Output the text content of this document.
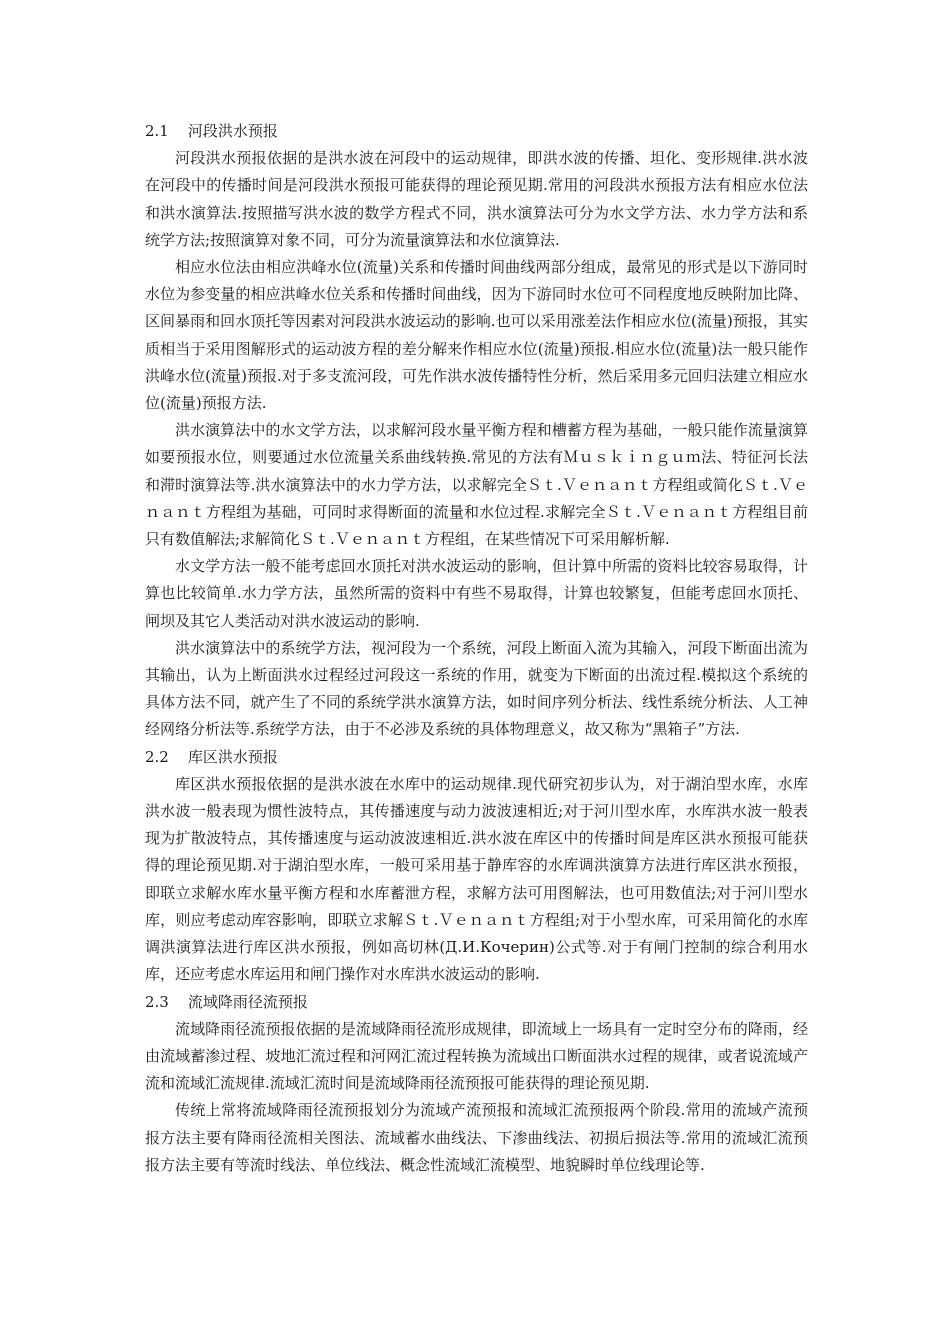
2.1    河段洪水预报

河段洪水预报依据的是洪水波在河段中的运动规律，即洪水波的传播、坦化、变形规律.洪水波在河段中的传播时间是河段洪水预报可能获得的理论预见期.常用的河段洪水预报方法有相应水位法和洪水演算法.按照描写洪水波的数学方程式不同，洪水演算法可分为水文学方法、水力学方法和系统学方法;按照演算对象不同，可分为流量演算法和水位演算法.

相应水位法由相应洪峰水位(流量)关系和传播时间曲线两部分组成，最常见的形式是以下游同时水位为参变量的相应洪峰水位关系和传播时间曲线，因为下游同时水位可不同程度地反映附加比降、区间暴雨和回水顶托等因素对河段洪水波运动的影响.也可以采用涨差法作相应水位(流量)预报，其实质相当于采用图解形式的运动波方程的差分解来作相应水位(流量)预报.相应水位(流量)法一般只能作洪峰水位(流量)预报.对于多支流河段，可先作洪水波传播特性分析，然后采用多元回归法建立相应水位(流量)预报方法.

洪水演算法中的水文学方法，以求解河段水量平衡方程和槽蓄方程为基础，一般只能作流量演算如要预报水位，则要通过水位流量关系曲线转换.常见的方法有Ｍｕｓｋｉｎｇｕｍ法、特征河长法和滞时演算法等.洪水演算法中的水力学方法，以求解完全Ｓｔ.Ｖｅｎａｎｔ方程组或简化Ｓｔ.Ｖｅｎａｎｔ方程组为基础，可同时求得断面的流量和水位过程.求解完全Ｓｔ.Ｖｅｎａｎｔ方程组目前只有数值解法;求解简化Ｓｔ.Ｖｅｎａｎｔ方程组，在某些情况下可采用解析解.

水文学方法一般不能考虑回水顶托对洪水波运动的影响，但计算中所需的资料比较容易取得，计算也比较简单.水力学方法，虽然所需的资料中有些不易取得，计算也较繁复，但能考虑回水顶托、闸坝及其它人类活动对洪水波运动的影响.

洪水演算法中的系统学方法，视河段为一个系统，河段上断面入流为其输入，河段下断面出流为其输出，认为上断面洪水过程经过河段这一系统的作用，就变为下断面的出流过程.模拟这个系统的具体方法不同，就产生了不同的系统学洪水演算方法，如时间序列分析法、线性系统分析法、人工神经网络分析法等.系统学方法，由于不必涉及系统的具体物理意义，故又称为“黑箱子”方法.

2.2    库区洪水预报

库区洪水预报依据的是洪水波在水库中的运动规律.现代研究初步认为，对于湖泊型水库，水库洪水波一般表现为惯性波特点，其传播速度与动力波波速相近;对于河川型水库，水库洪水波一般表现为扩散波特点，其传播速度与运动波波速相近.洪水波在库区中的传播时间是库区洪水预报可能获得的理论预见期.对于湖泊型水库，一般可采用基于静库容的水库调洪演算方法进行库区洪水预报，即联立求解水库水量平衡方程和水库蓄泄方程，求解方法可用图解法，也可用数值法;对于河川型水库，则应考虑动库容影响，即联立求解Ｓｔ.Ｖｅｎａｎｔ方程组;对于小型水库，可采用简化的水库调洪演算法进行库区洪水预报，例如高切林(Д.И.Кочерин)公式等.对于有闸门控制的综合利用水库，还应考虑水库运用和闸门操作对水库洪水波运动的影响.

2.3    流域降雨径流预报

流域降雨径流预报依据的是流域降雨径流形成规律，即流域上一场具有一定时空分布的降雨，经由流域蓄渗过程、坡地汇流过程和河网汇流过程转换为流域出口断面洪水过程的规律，或者说流域产流和流域汇流规律.流域汇流时间是流域降雨径流预报可能获得的理论预见期.

传统上常将流域降雨径流预报划分为流域产流预报和流域汇流预报两个阶段.常用的流域产流预报方法主要有降雨径流相关图法、流域蓄水曲线法、下渗曲线法、初损后损法等.常用的流域汇流预报方法主要有等流时线法、单位线法、概念性流域汇流模型、地貌瞬时单位线理论等.
